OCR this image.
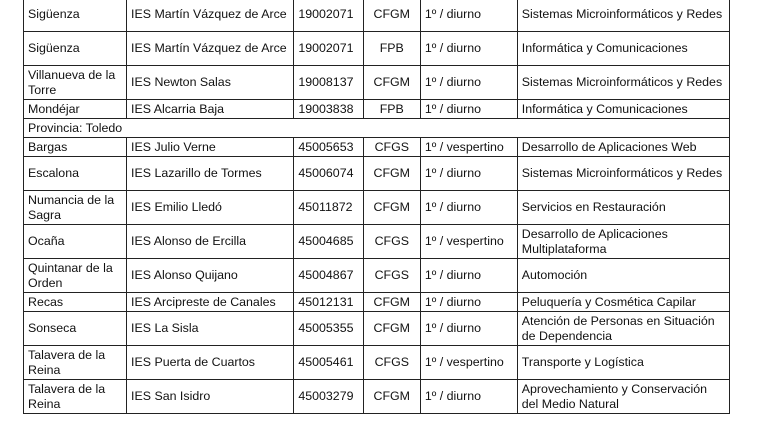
Sigüenza	IES Martín Vázquez de Arce	19002071	CFGM	1º / diurno	Sistemas Microinformáticos y Redes
Sigüenza	IES Martín Vázquez de Arce	19002071	FPB	1º / diurno	Informática y Comunicaciones
Villanueva de la Torre	IES Newton Salas	19008137	CFGM	1º / diurno	Sistemas Microinformáticos y Redes
Mondéjar	IES Alcarria Baja	19003838	FPB	1º / diurno	Informática y Comunicaciones
Provincia: Toledo					
Bargas	IES Julio Verne	45005653	CFGS	1º / vespertino	Desarrollo de Aplicaciones Web
Escalona	IES Lazarillo de Tormes	45006074	CFGM	1º / diurno	Sistemas Microinformáticos y Redes
Numancia de la Sagra	IES Emilio Lledó	45011872	CFGM	1º / diurno	Servicios en Restauración
Ocaña	IES Alonso de Ercilla	45004685	CFGS	1º / vespertino	Desarrollo de Aplicaciones Multiplataforma
Quintanar de la Orden	IES Alonso Quijano	45004867	CFGS	1º / diurno	Automoción
Recas	IES Arcipreste de Canales	45012131	CFGM	1º / diurno	Peluquería y Cosmética Capilar
Sonseca	IES La Sisla	45005355	CFGM	1º / diurno	Atención de Personas en Situación de Dependencia
Talavera de la Reina	IES Puerta de Cuartos	45005461	CFGS	1º / vespertino	Transporte y Logística
Talavera de la Reina	IES San Isidro	45003279	CFGM	1º / diurno	Aprovechamiento y Conservación del Medio Natural
